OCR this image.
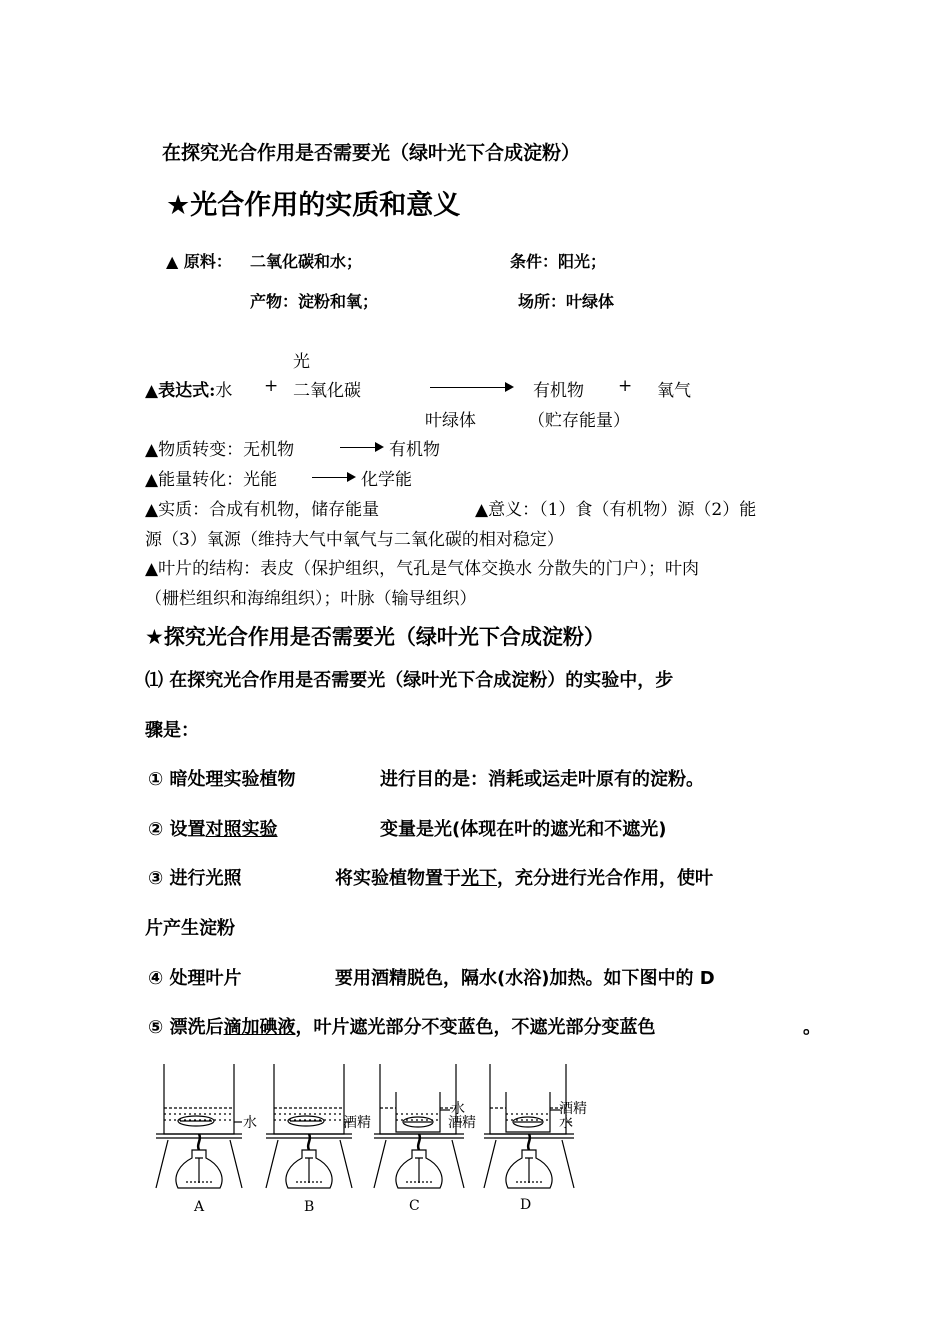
在探究光合作用是否需要光（绿叶光下合成淀粉）
★光合作用的实质和意义
▲ 原料： 二氧化碳和水；	条件：阳光；
产物：淀粉和氧；	场所：叶绿体
光
▲表达式:水 + 二氧化碳	有机物 + 氧气
叶绿体	（贮存能量）
▲物质转变：无机物	有机物
▲能量转化：光能	化学能
▲实质：合成有机物，储存能量	▲意义：（1）食（有机物）源（2）能
源（3）氧源（维持大气中氧气与二氧化碳的相对稳定）
▲叶片的结构：表皮（保护组织，气孔是气体交换水 分散失的门户）；叶肉
（栅栏组织和海绵组织）；叶脉（输导组织）
★探究光合作用是否需要光（绿叶光下合成淀粉）
⑴ 在探究光合作用是否需要光（绿叶光下合成淀粉）的实验中，步
骤是：
① 暗处理实验植物	进行目的是：消耗或运走叶原有的淀粉。
② 设置对照实验	变量是光(体现在叶的遮光和不遮光)
③ 进行光照	将实验植物置于光下，充分进行光合作用，使叶
片产生淀粉
④ 处理叶片	要用酒精脱色，隔水(水浴)加热。如下图中的 D
⑤ 漂洗后滴加碘液，叶片遮光部分不变蓝色，不遮光部分变蓝色	。
水	酒精
水
酒精
酒精
水
A	B	C	D
